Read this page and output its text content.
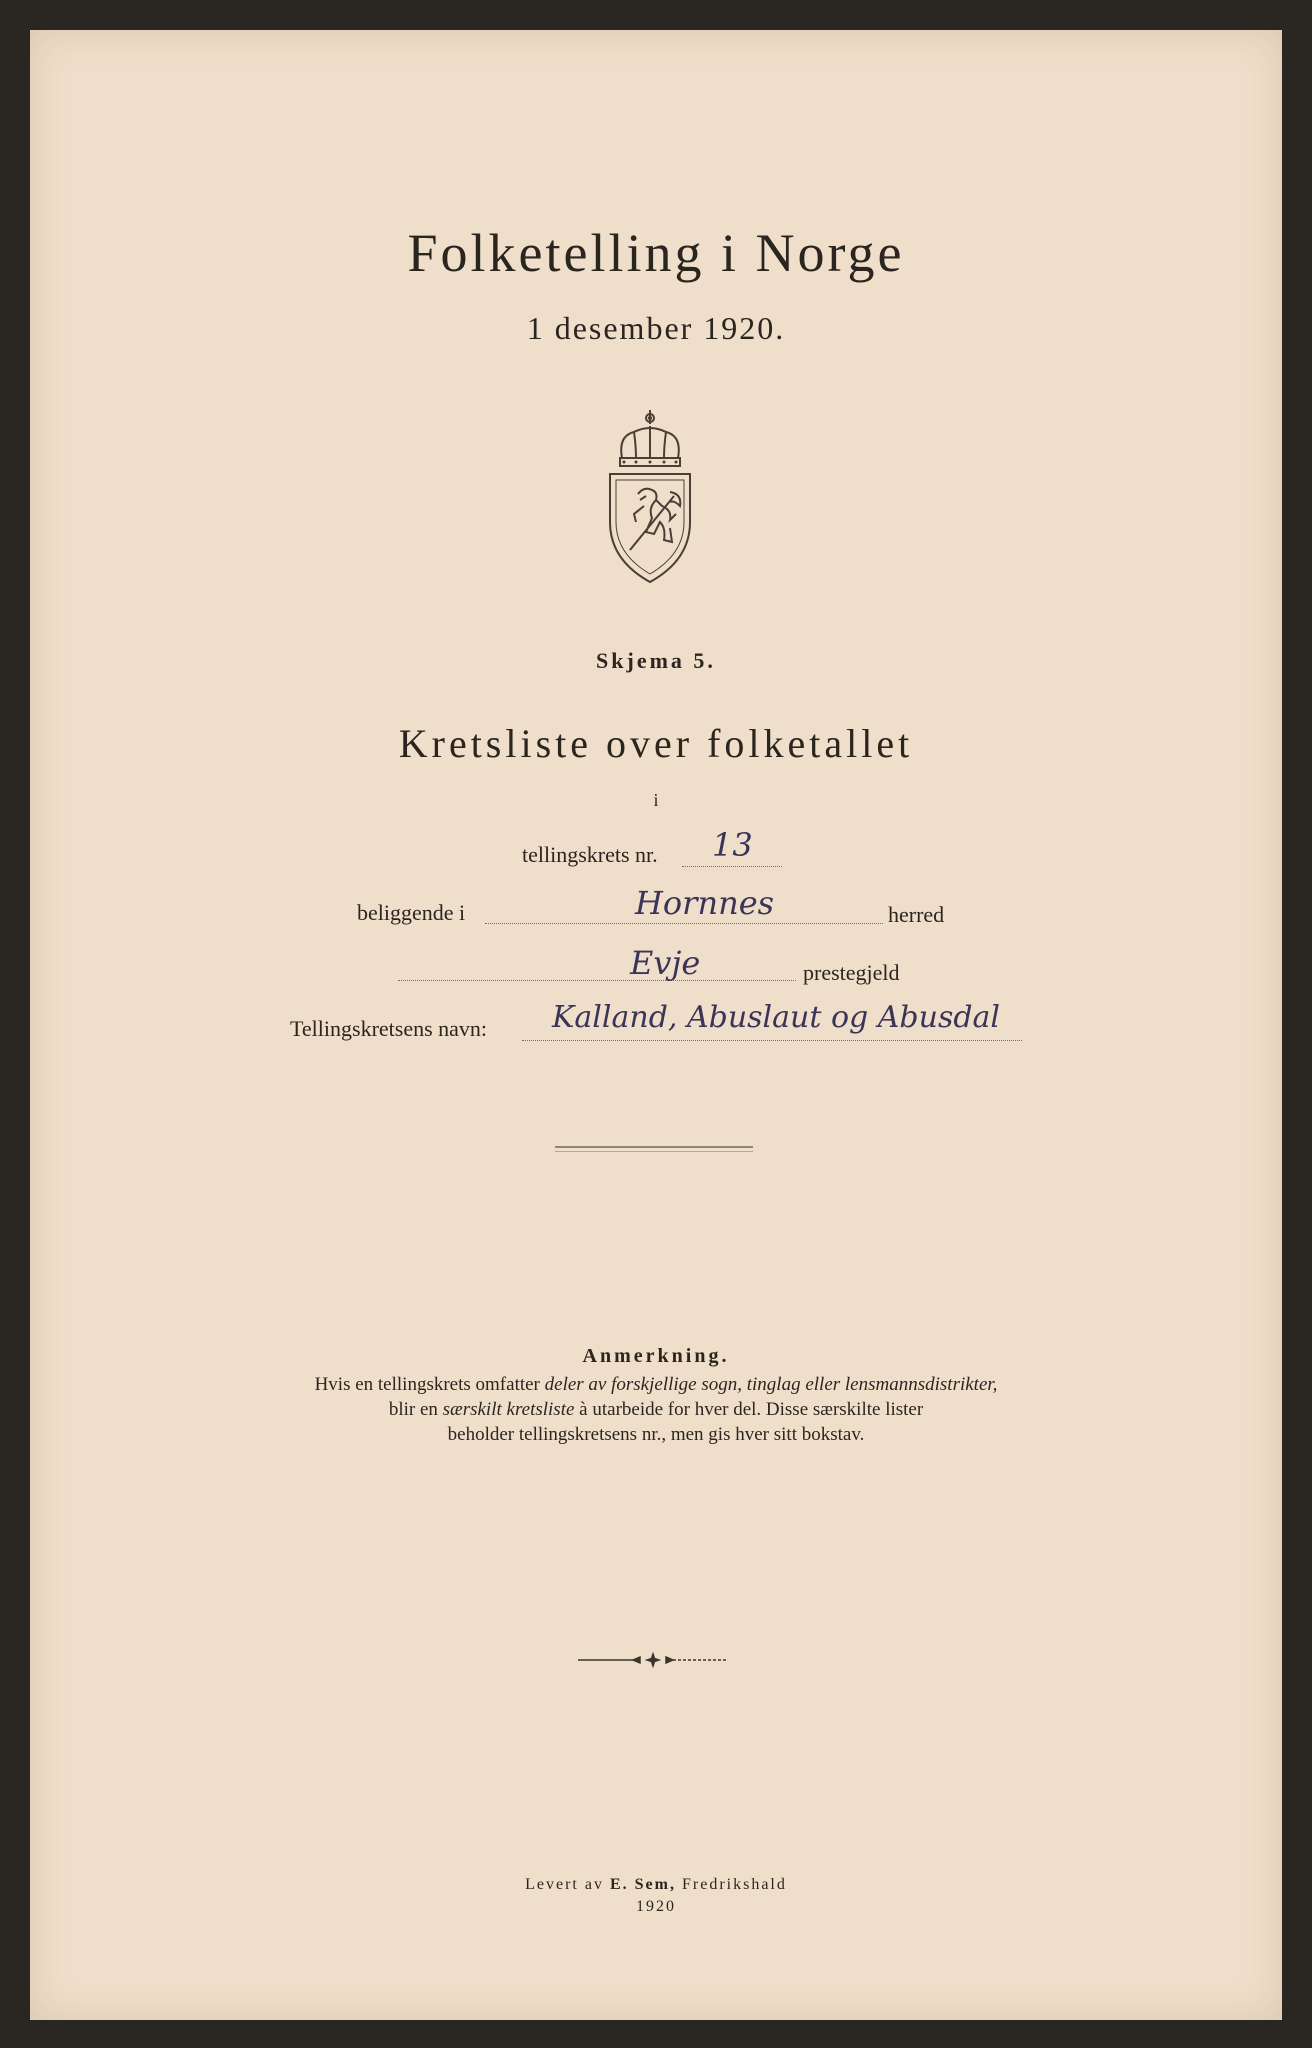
Folketelling i Norge
1 desember 1920.
Skjema 5.
Kretsliste over folketallet
i
tellingskrets nr. 13
beliggende i	Hornnes	herred
Evje	prestegjeld
Tellingskretsens navn: Kalland, Abuslaut og Abusdal
Anmerkning.
Hvis en tellingskrets omfatter deler av forskjellige sogn, tinglag eller lensmannsdistrikter,
blir en særskilt kretsliste à utarbeide for hver del. Disse særskilte lister
beholder tellingskretsens nr., men gis hver sitt bokstav.
Levert av E. Sem, Fredrikshald
1920
